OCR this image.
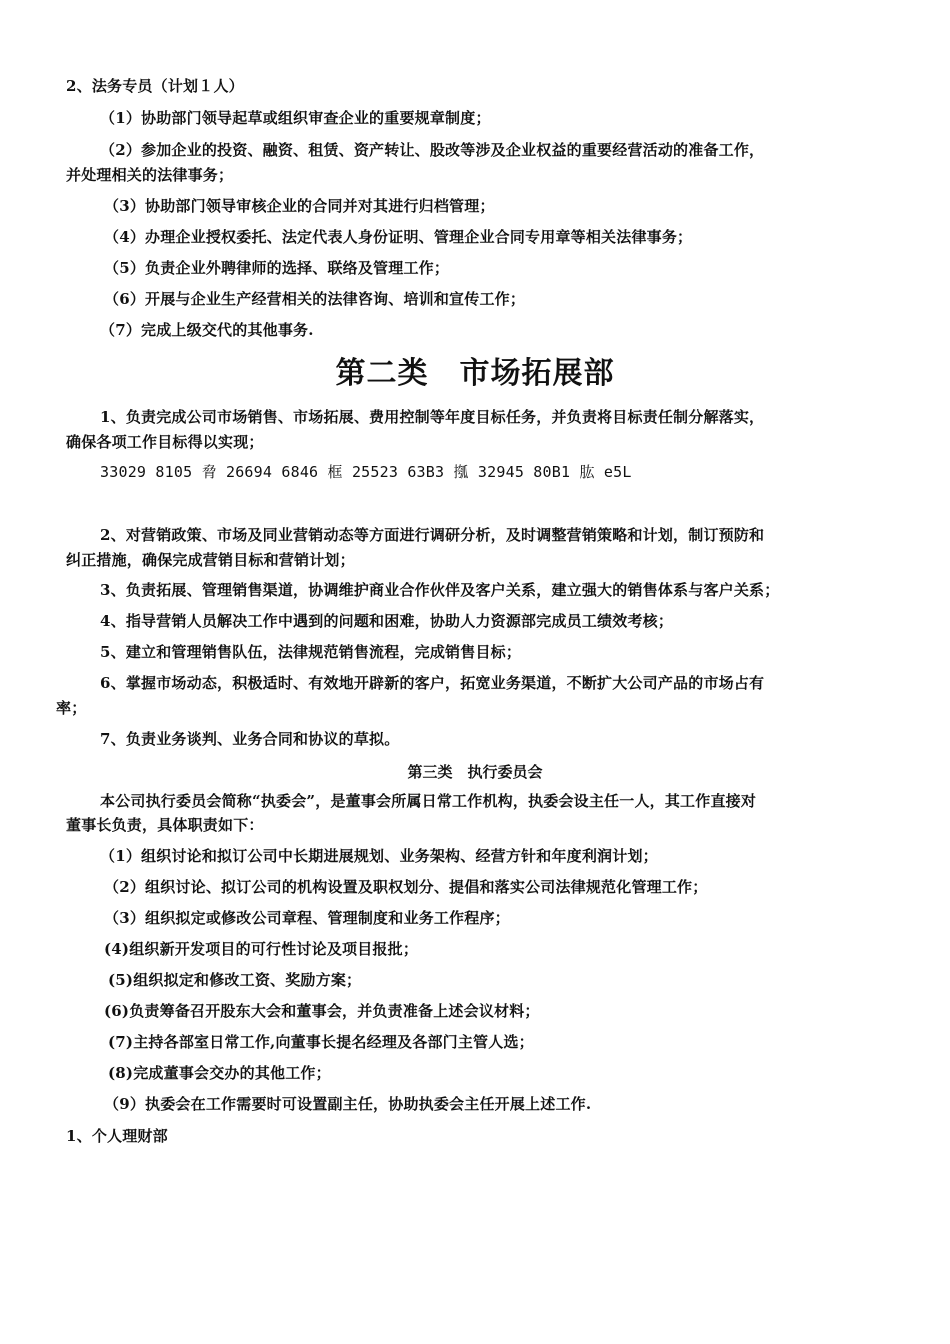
2、法务专员（计划１人）
（1）协助部门领导起草或组织审查企业的重要规章制度；
（2）参加企业的投资、融资、租赁、资产转让、股改等涉及企业权益的重要经营活动的准备工作，
并处理相关的法律事务；
（3）协助部门领导审核企业的合同并对其进行归档管理；
（4）办理企业授权委托、法定代表人身份证明、管理企业合同专用章等相关法律事务；
（5）负责企业外聘律师的选择、联络及管理工作；
（6）开展与企业生产经营相关的法律咨询、培训和宣传工作；
（7）完成上级交代的其他事务.
第二类　市场拓展部
1、负责完成公司市场销售、市场拓展、费用控制等年度目标任务，并负责将目标责任制分解落实，
确保各项工作目标得以实现；
33029 8105 脅 26694 6846 框 25523 63B3 摦 32945 80B1 肱 e5L
2、对营销政策、市场及同业营销动态等方面进行调研分析，及时调整营销策略和计划，制订预防和
纠正措施，确保完成营销目标和营销计划；
3、负责拓展、管理销售渠道，协调维护商业合作伙伴及客户关系，建立强大的销售体系与客户关系；
4、指导营销人员解决工作中遇到的问题和困难，协助人力资源部完成员工绩效考核；
5、建立和管理销售队伍，法律规范销售流程，完成销售目标；
6、掌握市场动态，积极适时、有效地开辟新的客户，拓宽业务渠道，不断扩大公司产品的市场占有
率；
7、负责业务谈判、业务合同和协议的草拟。
第三类　执行委员会
本公司执行委员会简称“执委会”，是董事会所属日常工作机构，执委会设主任一人，其工作直接对
董事长负责，具体职责如下：
（1）组织讨论和拟订公司中长期进展规划、业务架构、经营方针和年度利润计划；
（2）组织讨论、拟订公司的机构设置及职权划分、提倡和落实公司法律规范化管理工作；
（3）组织拟定或修改公司章程、管理制度和业务工作程序；
(4)组织新开发项目的可行性讨论及项目报批；
(5)组织拟定和修改工资、奖励方案；
(6)负责筹备召开股东大会和董事会，并负责准备上述会议材料；
(7)主持各部室日常工作,向董事长提名经理及各部门主管人选；
(8)完成董事会交办的其他工作；
（9）执委会在工作需要时可设置副主任，协助执委会主任开展上述工作.
1、个人理财部
